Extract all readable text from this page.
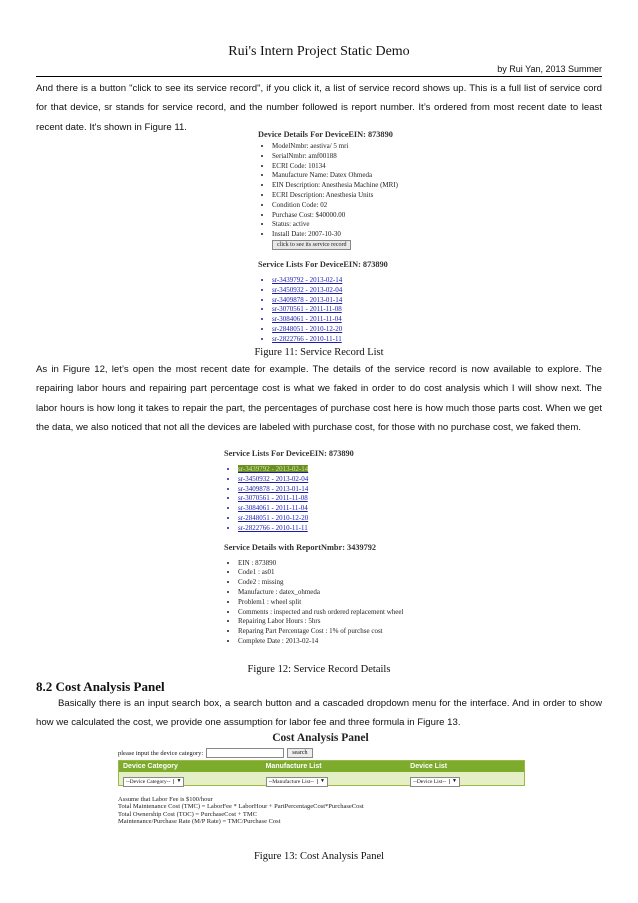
Rui's Intern Project Static Demo
by Rui Yan, 2013 Summer
And there is a button "click to see its service record", if you click it, a list of service record shows up. This is a full list of service cord for that device, sr stands for service record, and the number followed is report number. It’s ordered from most recent date to least recent date. It's shown in Figure 11.
Device Details For DeviceEIN: 873890
• ModelNmbr: aestiva/ 5 mri
• SerialNmbr: amf00188
• ECRI Code: 10134
• Manufacture Name: Datex Ohmeda
• EIN Description: Anesthesia Machine (MRI)
• ECRI Description: Anesthesia Units
• Condition Code: 02
• Purchase Cost: $40000.00
• Status: active
• Install Date: 2007-10-30
click to see its service record
Service Lists For DeviceEIN: 873890
• sr-3439792 - 2013-02-14
• sr-3450932 - 2013-02-04
• sr-3409878 - 2013-01-14
• sr-3070561 - 2011-11-08
• sr-3084061 - 2011-11-04
• sr-2848051 - 2010-12-20
• sr-2822766 - 2010-11-11
Figure 11: Service Record List
As in Figure 12, let’s open the most recent date for example. The details of the service record is now available to explore. The repairing labor hours and repairing part percentage cost is what we faked in order to do cost analysis which I will show next. The labor hours is how long it takes to repair the part, the percentages of purchase cost here is how much those parts cost. When we get the data, we also noticed that not all the devices are labeled with purchase cost, for those with no purchase cost, we faked them.
Service Lists For DeviceEIN: 873890
• sr-3439792 - 2013-02-14
• sr-3450932 - 2013-02-04
• sr-3409878 - 2013-01-14
• sr-3070561 - 2011-11-08
• sr-3084061 - 2011-11-04
• sr-2848051 - 2010-12-20
• sr-2822766 - 2010-11-11
Service Details with ReportNmbr: 3439792
• EIN : 873890
• Code1 : as01
• Code2 : missing
• Manufacture : datex_ohmeda
• Problem1 : wheel split
• Comments : inspected and rush ordered replacement wheel
• Repairing Labor Hours : 5hrs
• Reparing Part Percentage Cost : 1% of purchse cost
• Complete Date : 2013-02-14
Figure 12: Service Record Details
8.2 Cost Analysis Panel
Basically there is an input search box, a search button and a cascaded dropdown menu for the interface. And in order to show how we calculated the cost, we provide one assumption for labor fee and three formula in Figure 13.
Cost Analysis Panel
please input the device category:	search
Device Category	Manufacture List	Device List
--Device Category--	▼	--Manufacture List--	▼	--Device List--	▼
Assume that Labor Fee is $100/hour
Total Maintenance Cost (TMC) = LaborFee * LaborHour + PartPercentageCost*PurchaseCost
Total Ownership Cost (TOC) = PurchaseCost + TMC
Maintenance/Purchase Rate (M/P Rate) = TMC/Purchase Cost
Figure 13: Cost Analysis Panel
